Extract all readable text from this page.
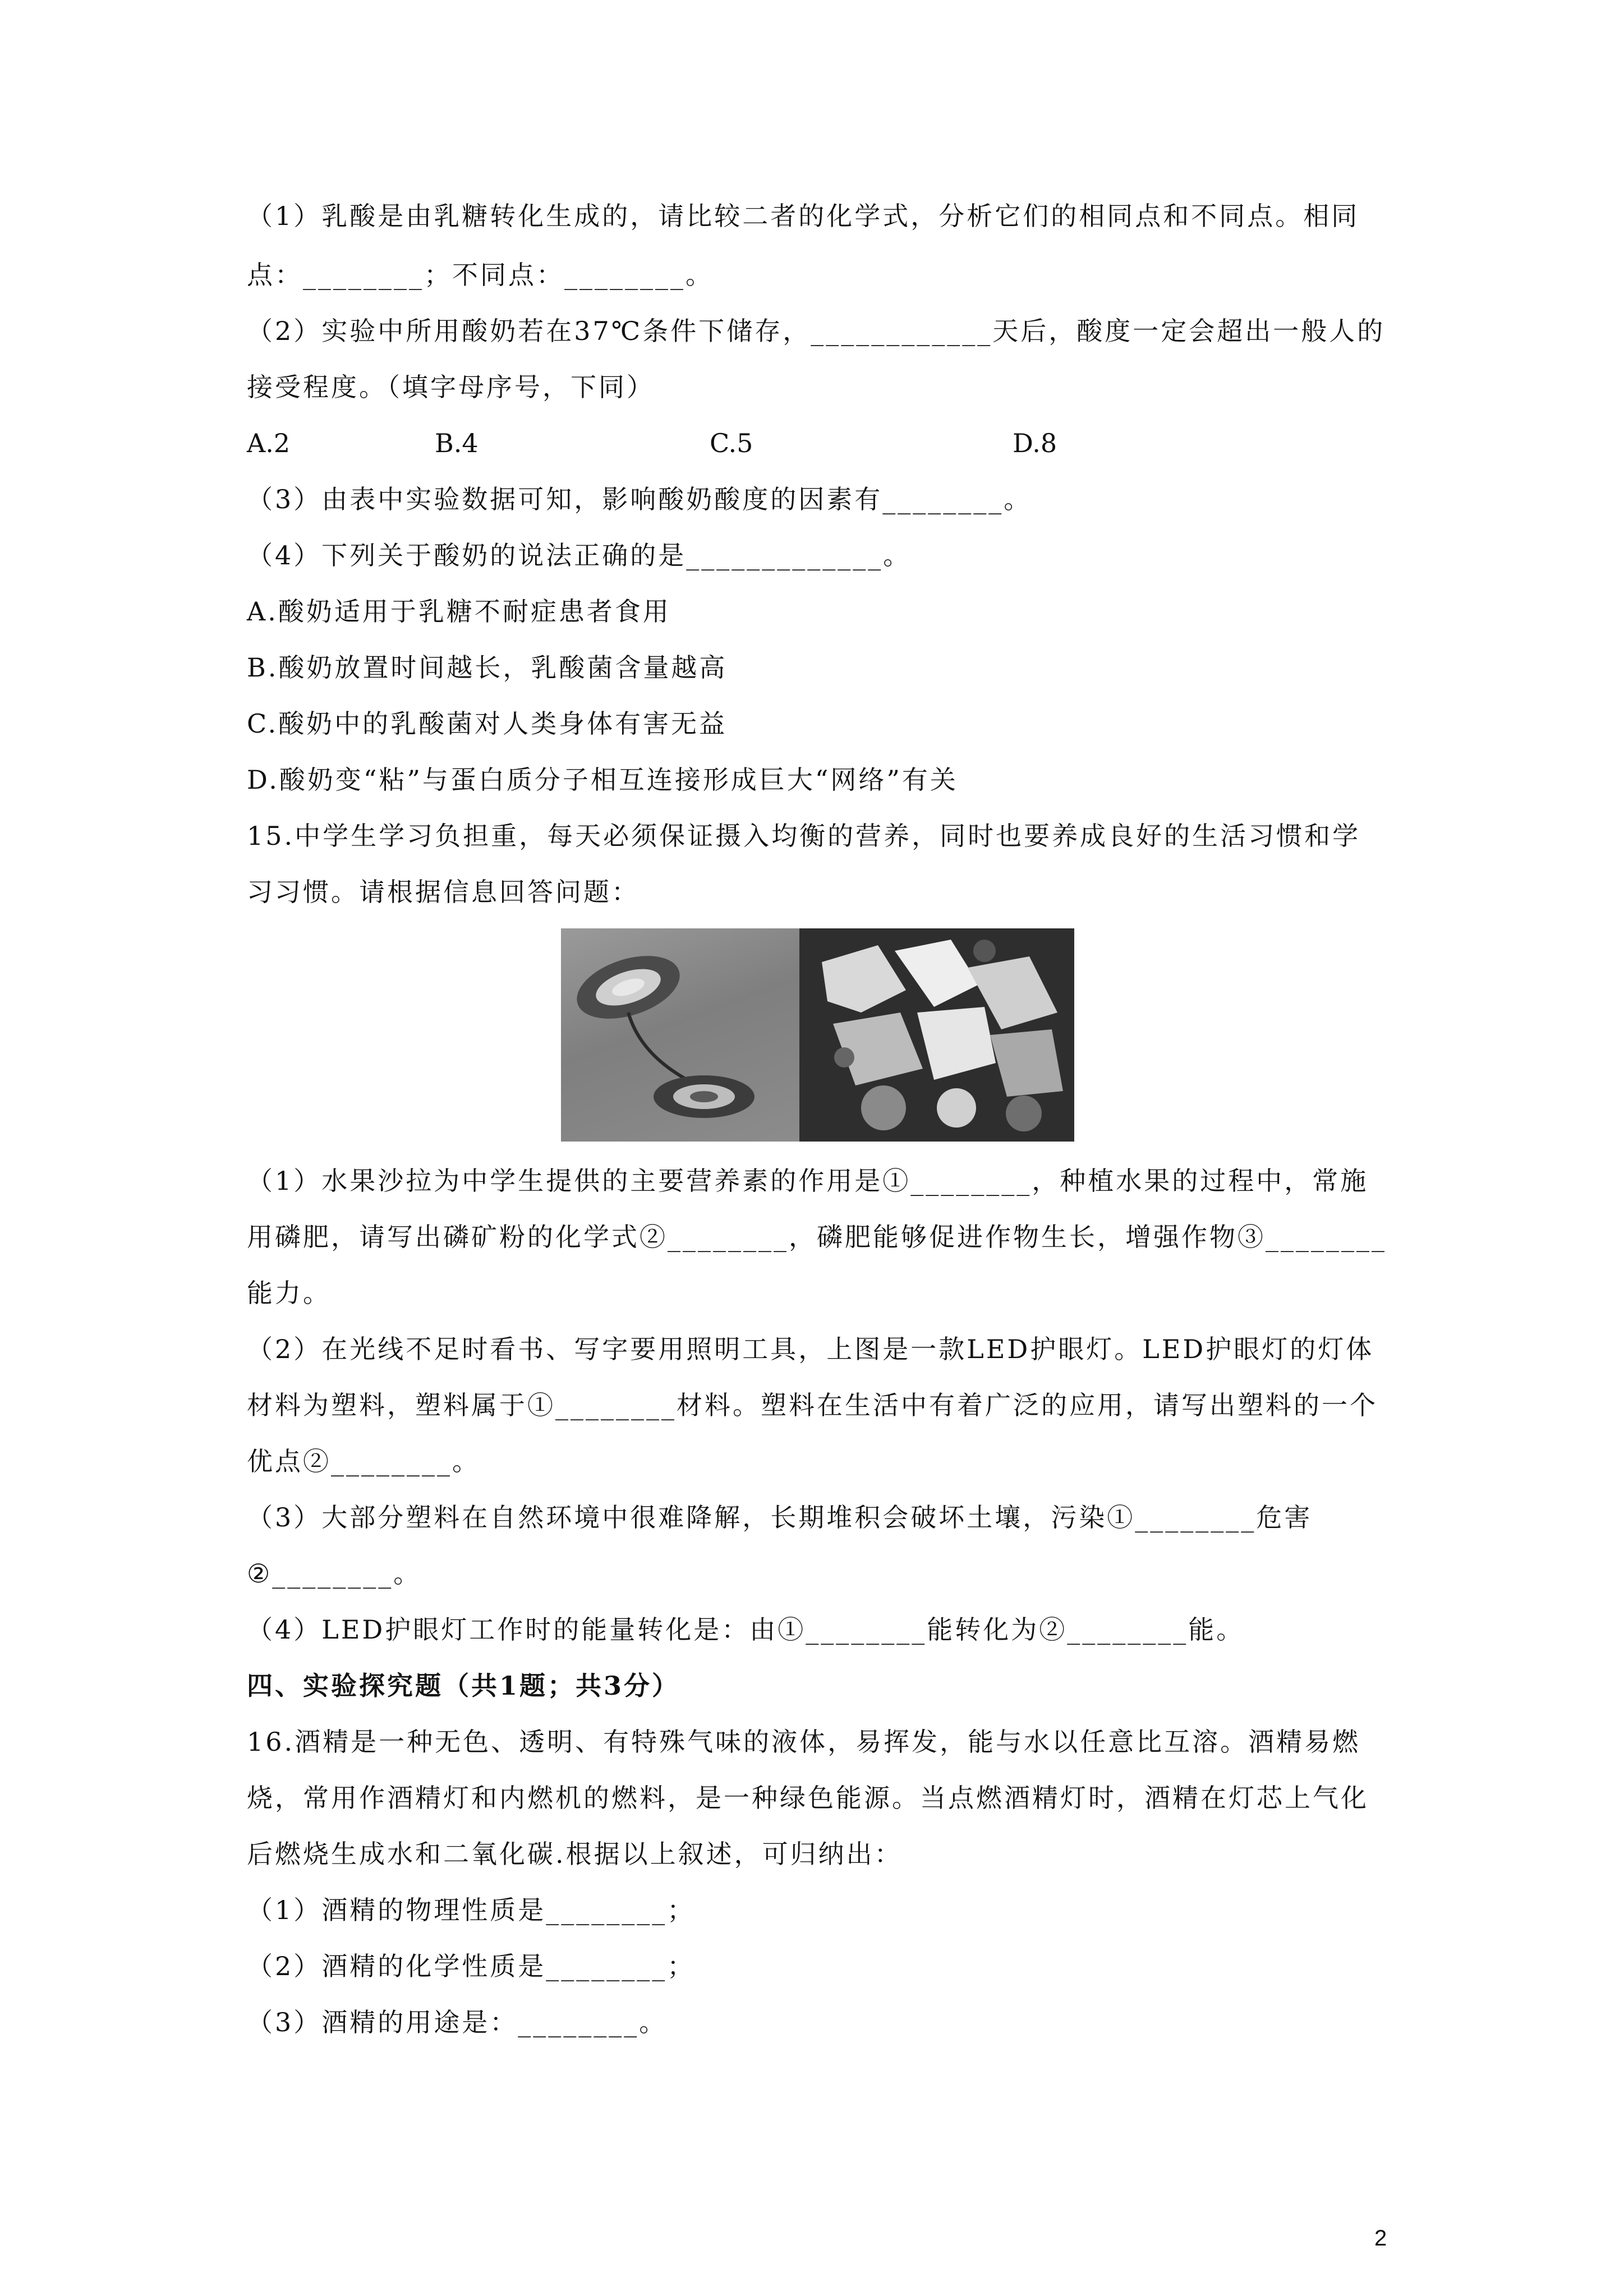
（1）乳酸是由乳糖转化生成的，请比较二者的化学式，分析它们的相同点和不同点。相同
点：________；不同点：________。
（2）实验中所用酸奶若在37℃条件下储存，____________天后，酸度一定会超出一般人的
接受程度。（填字母序号，下同）
A.2	B.4	C.5	D.8
（3）由表中实验数据可知，影响酸奶酸度的因素有________。
（4）下列关于酸奶的说法正确的是_____________。
A.酸奶适用于乳糖不耐症患者食用
B.酸奶放置时间越长，乳酸菌含量越高
C.酸奶中的乳酸菌对人类身体有害无益
D.酸奶变“粘”与蛋白质分子相互连接形成巨大“网络”有关
15.中学生学习负担重，每天必须保证摄入均衡的营养，同时也要养成良好的生活习惯和学
习习惯。请根据信息回答问题：
（1）水果沙拉为中学生提供的主要营养素的作用是①________，种植水果的过程中，常施
用磷肥，请写出磷矿粉的化学式②________，磷肥能够促进作物生长，增强作物③________
能力。
（2）在光线不足时看书、写字要用照明工具，上图是一款LED护眼灯。LED护眼灯的灯体
材料为塑料，塑料属于①________材料。塑料在生活中有着广泛的应用，请写出塑料的一个
优点②________。
（3）大部分塑料在自然环境中很难降解，长期堆积会破坏土壤，污染①________危害
②________。
（4）LED护眼灯工作时的能量转化是：由①________能转化为②________能。
四、实验探究题（共1题；共3分）
16.酒精是一种无色、透明、有特殊气味的液体，易挥发，能与水以任意比互溶。酒精易燃
烧，常用作酒精灯和内燃机的燃料，是一种绿色能源。当点燃酒精灯时，酒精在灯芯上气化
后燃烧生成水和二氧化碳.根据以上叙述，可归纳出：
（1）酒精的物理性质是________；
（2）酒精的化学性质是________；
（3）酒精的用途是：________。
2
